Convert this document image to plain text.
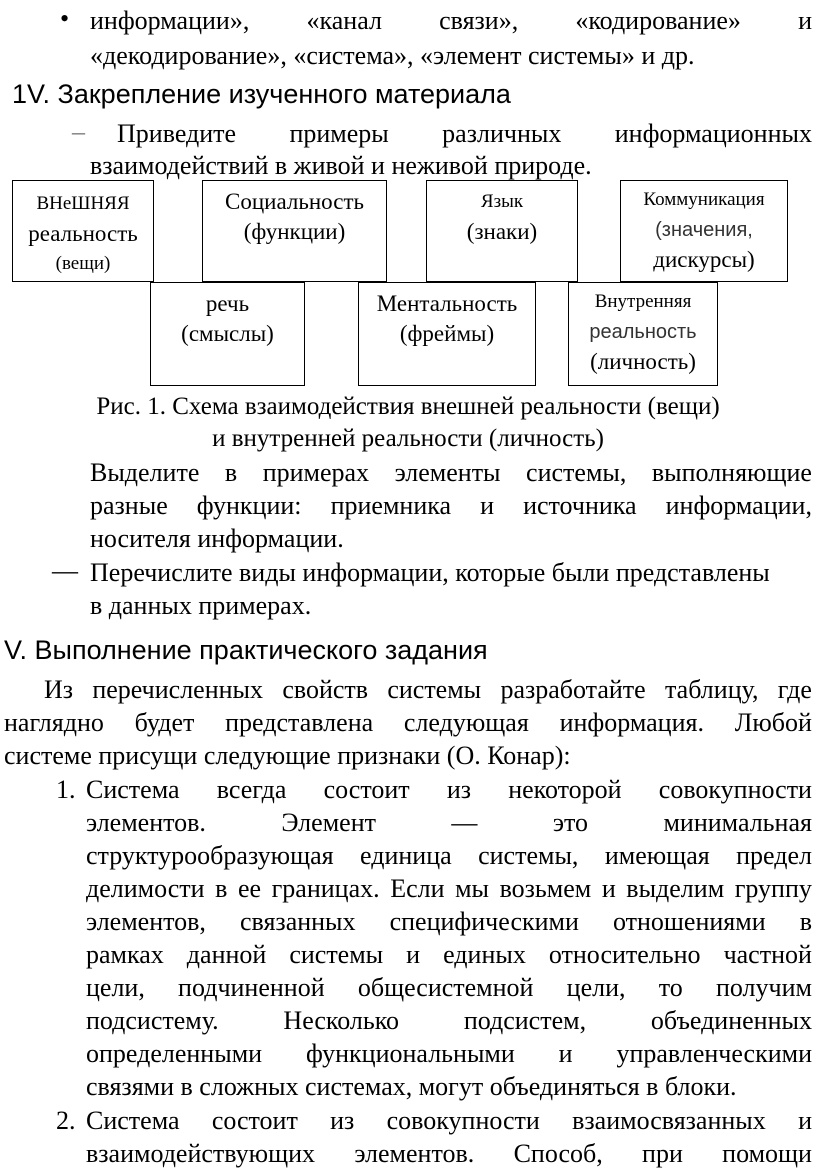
• информации», «канал связи», «кодирование» и
«декодирование», «система», «элемент системы» и др.
1V. Закрепление изученного материала
– Приведите примеры различных информационных
взаимодействий в живой и неживой природе.
ВНеШНЯЯ
реальность
(вещи)
Социальность
(функции)
Язык
(знаки)
Коммуникация
(значения,
дискурсы)
речь
(смыслы)
Ментальность
(фреймы)
Внутренняя
реальность
(личность)
Рис. 1. Схема взаимодействия внешней реальности (вещи)
и внутренней реальности (личность)
Выделите в примерах элементы системы, выполняющие
разные функции: приемника и источника информации,
носителя информации.
— Перечислите виды информации, которые были представлены
в данных примерах.
V. Выполнение практического задания
Из перечисленных свойств системы разработайте таблицу, где
наглядно будет представлена следующая информация. Любой
системе присущи следующие признаки (О. Конар):
1. Система всегда состоит из некоторой совокупности
элементов.	Элемент	—	это	минимальная
структурообразующая единица системы, имеющая предел
делимости в ее границах. Если мы возьмем и выделим группу
элементов, связанных специфическими отношениями в
рамках данной системы и единых относительно частной
цели, подчиненной общесистемной цели, то получим
подсистему. Несколько подсистем, объединенных
определенными функциональными и управленческими
связями в сложных системах, могут объединяться в блоки.
2. Система состоит из совокупности взаимосвязанных и
взаимодействующих элементов. Способ, при помощи
